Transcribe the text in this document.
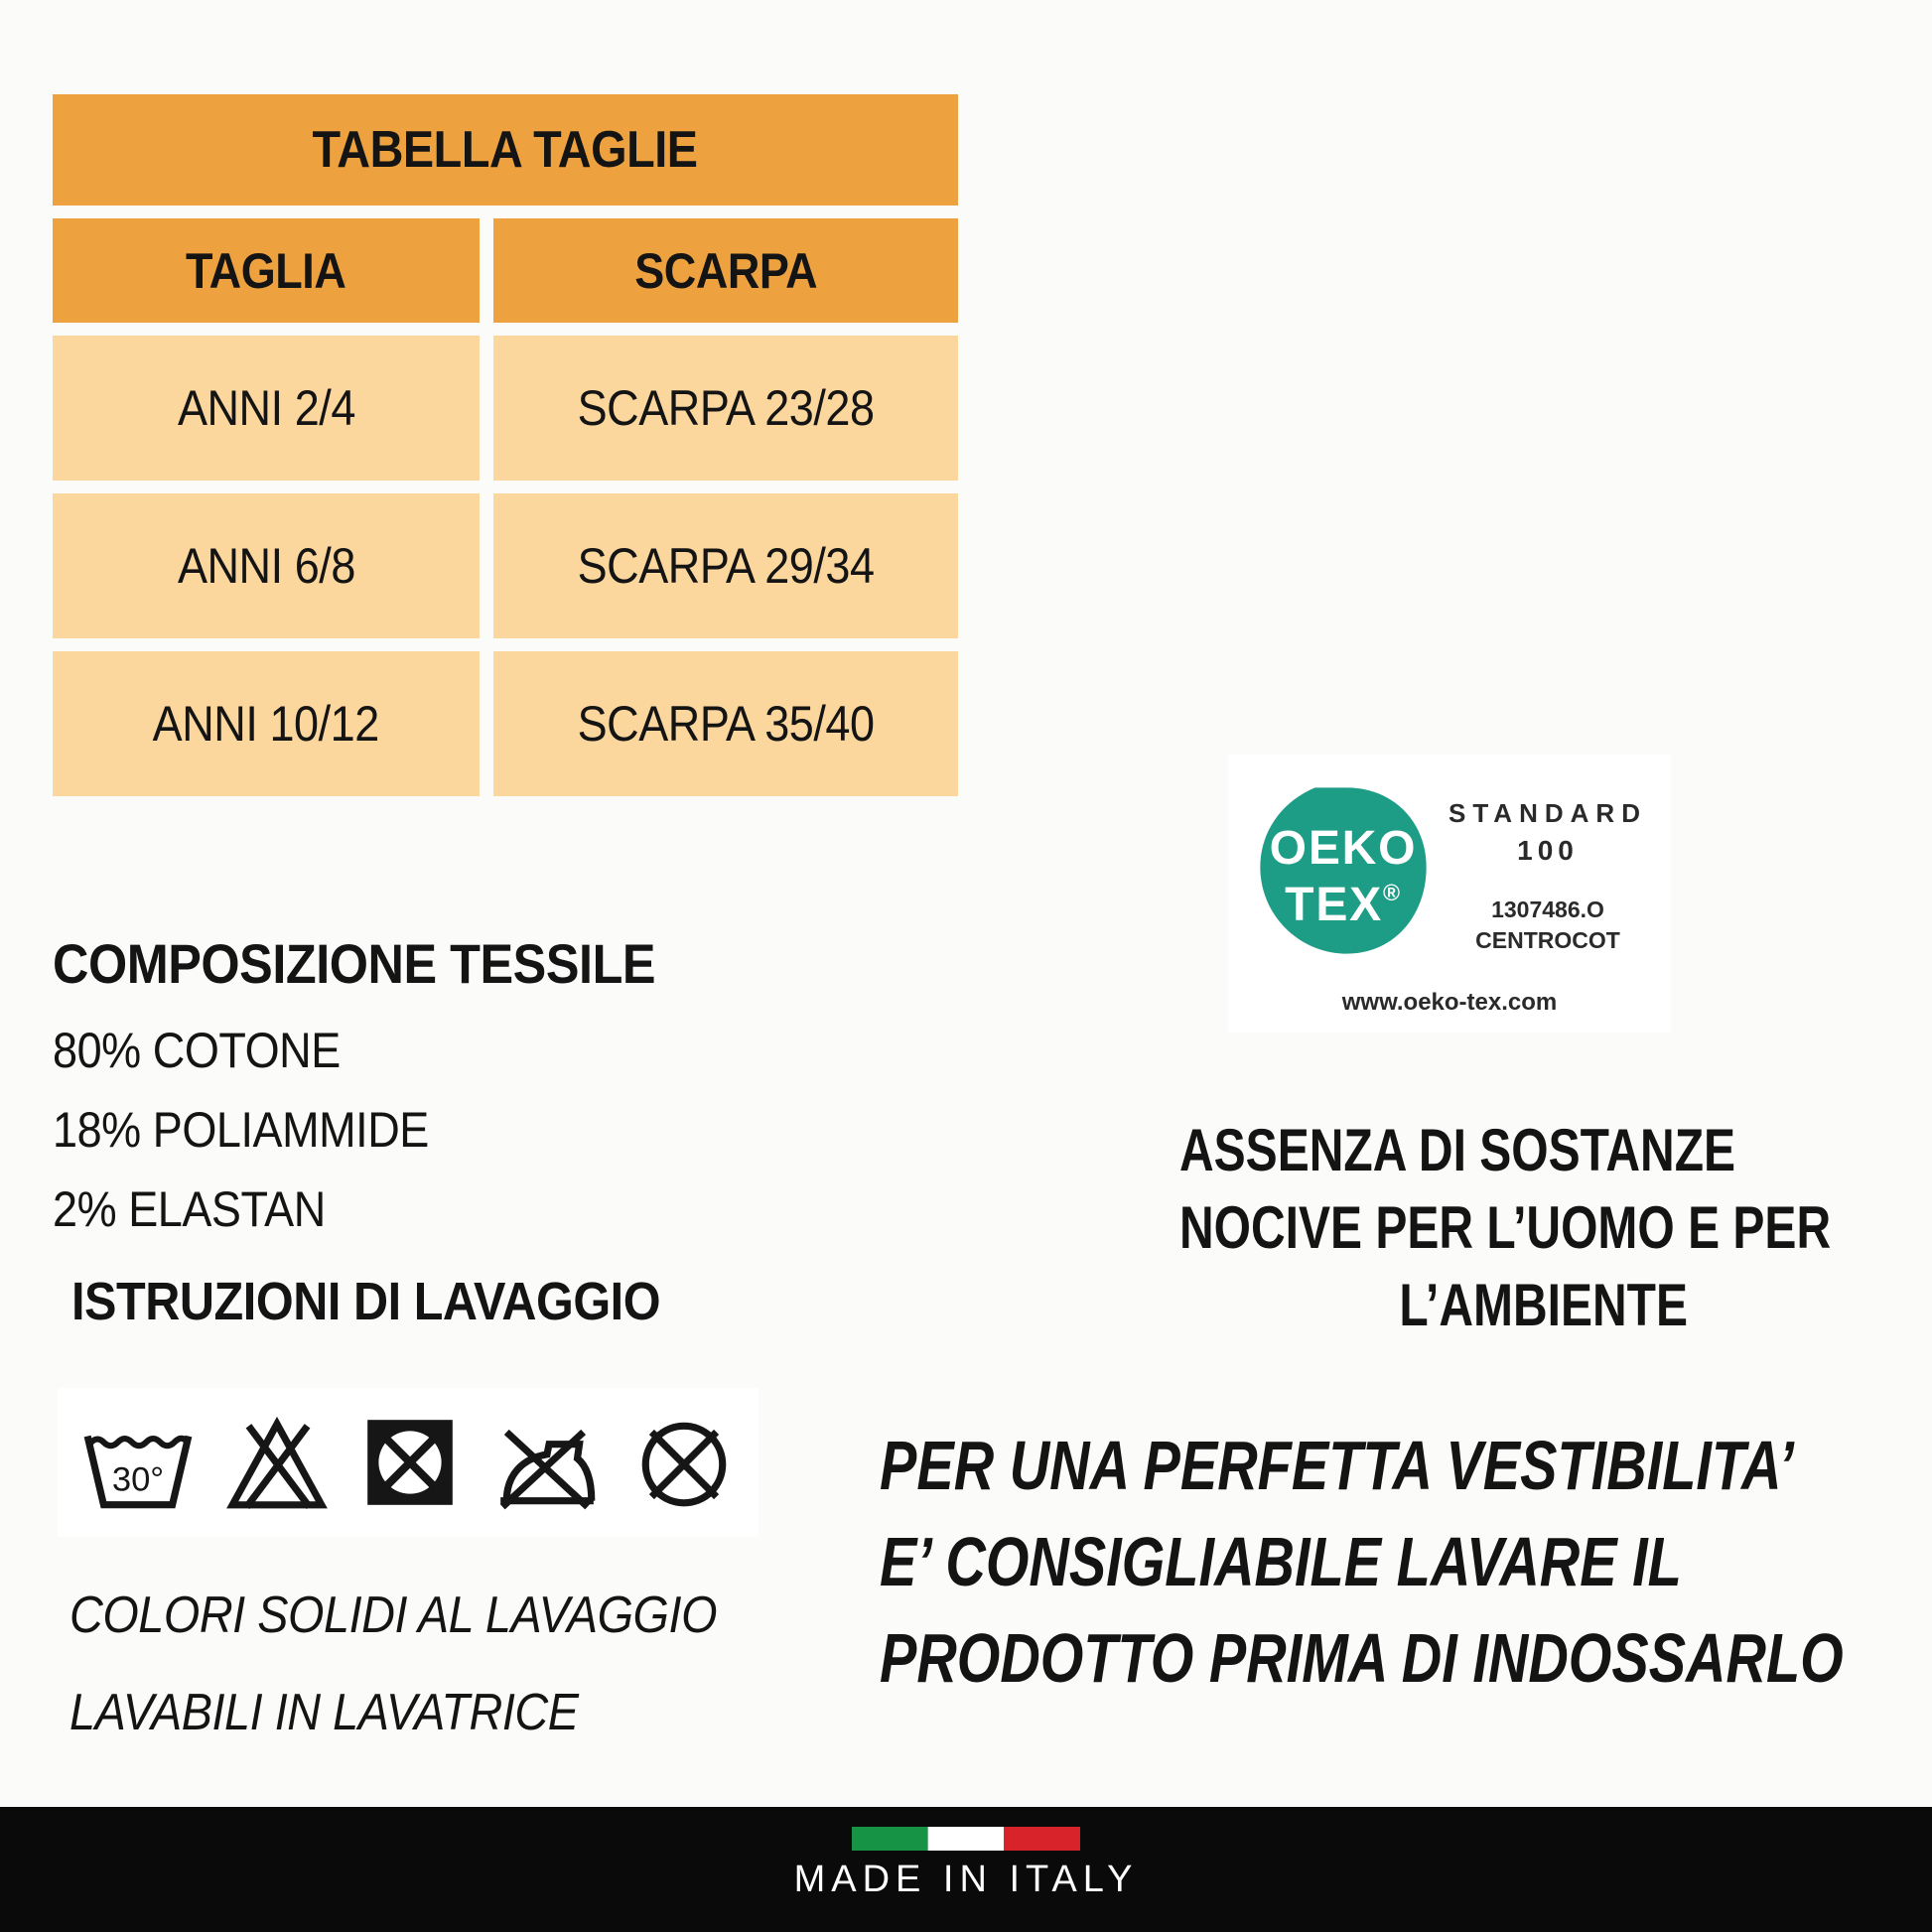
TABELLA TAGLIE
TAGLIA	SCARPA
ANNI 2/4	SCARPA 23/28
ANNI 6/8	SCARPA 29/34
ANNI 10/12	SCARPA 35/40
COMPOSIZIONE TESSILE
80% COTONE
18% POLIAMMIDE
2% ELASTAN
ISTRUZIONI DI LAVAGGIO
30°
COLORI SOLIDI AL LAVAGGIO
LAVABILI IN LAVATRICE
OEKO
TEX®
STANDARD
100
1307486.O
CENTROCOT
www.oeko-tex.com
ASSENZA DI SOSTANZE
NOCIVE PER L’UOMO E PER
L’AMBIENTE
PER UNA PERFETTA VESTIBILITA’
E’ CONSIGLIABILE LAVARE IL
PRODOTTO PRIMA DI INDOSSARLO
MADE IN ITALY
